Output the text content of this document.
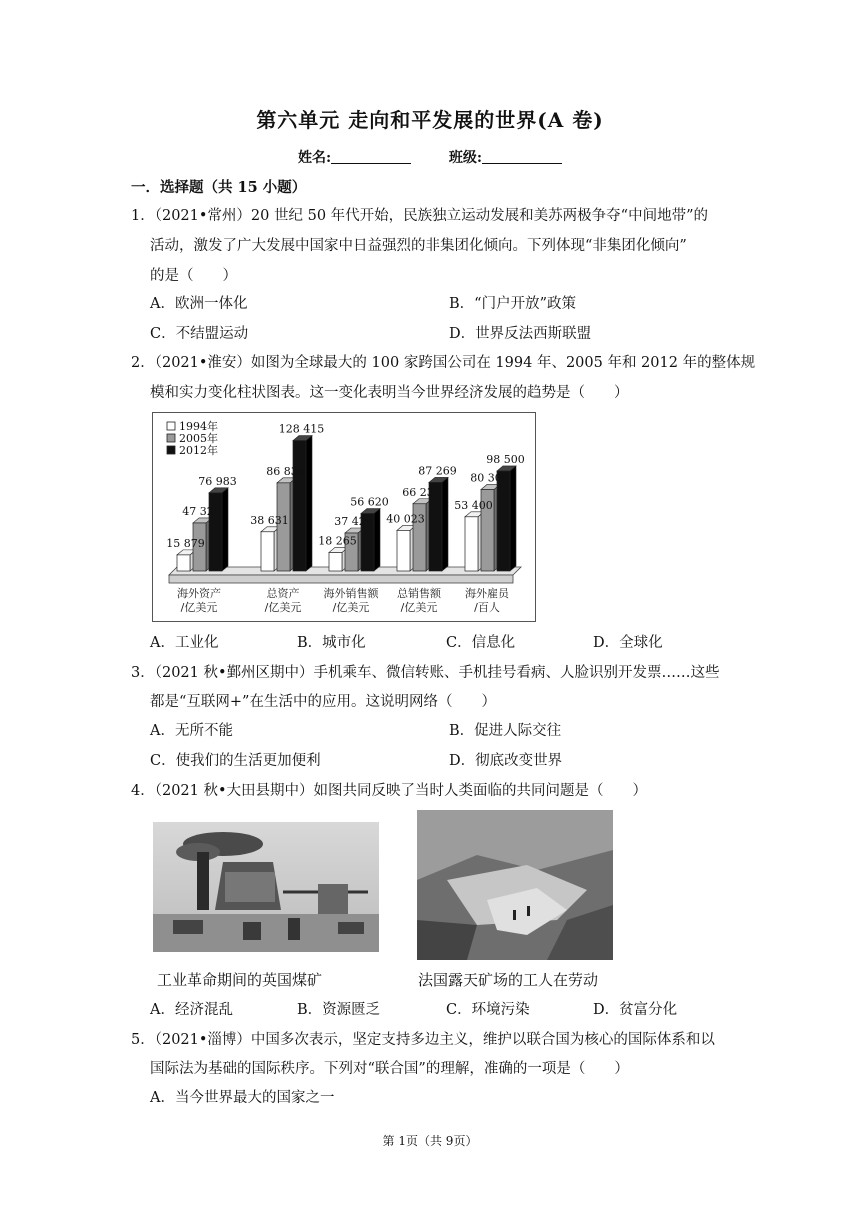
第六单元 走向和平发展的世界(A 卷)
姓名:	班级:
一．选择题（共 15 小题）
1．（2021•常州）20 世纪 50 年代开始，民族独立运动发展和美苏两极争夺“中间地带”的
活动，激发了广大发展中国家中日益强烈的非集团化倾向。下列体现“非集团化倾向”
的是（　　）
A．欧洲一体化	B．“门户开放”政策
C．不结盟运动	D．世界反法西斯联盟
2．（2021•淮安）如图为全球最大的 100 家跨国公司在 1994 年、2005 年和 2012 年的整体规
模和实力变化柱状图表。这一变化表明当今世界经济发展的趋势是（　　）
15 879
47 320
76 983
38 631
86 830
128 415
18 265
37 420
56 620
40 023
66 230
87 269
53 400
80 300
98 500
海外资产
/亿美元
总资产
/亿美元
海外销售额
/亿美元
总销售额
/亿美元
海外雇员
/百人
1994年
2005年
2012年
A．工业化	B．城市化	C．信息化	D．全球化
3．（2021 秋•鄞州区期中）手机乘车、微信转账、手机挂号看病、人脸识别开发票……这些
都是“互联网+”在生活中的应用。这说明网络（　　）
A．无所不能	B．促进人际交往
C．使我们的生活更加便利	D．彻底改变世界
4．（2021 秋•大田县期中）如图共同反映了当时人类面临的共同问题是（　　）
工业革命期间的英国煤矿	法国露天矿场的工人在劳动
A．经济混乱	B．资源匮乏	C．环境污染	D．贫富分化
5．（2021•淄博）中国多次表示，坚定支持多边主义，维护以联合国为核心的国际体系和以
国际法为基础的国际秩序。下列对“联合国”的理解，准确的一项是（　　）
A．当今世界最大的国家之一
第 1页（共 9页）
